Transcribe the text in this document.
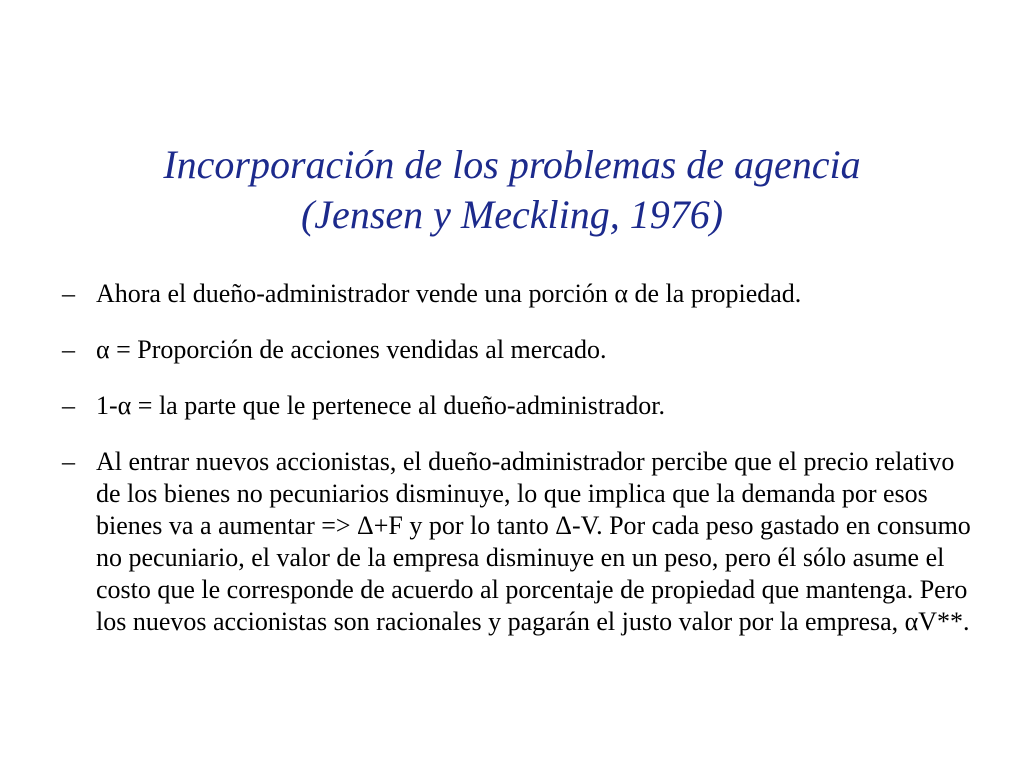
Incorporación de los problemas de agencia
(Jensen y Meckling, 1976)
– Ahora el dueño-administrador vende una porción α de la propiedad.
– α = Proporción de acciones vendidas al mercado.
– 1-α = la parte que le pertenece al dueño-administrador.
– Al entrar nuevos accionistas, el dueño-administrador percibe que el precio relativo de los bienes no pecuniarios disminuye, lo que implica que la demanda por esos bienes va a aumentar => Δ+F y por lo tanto Δ-V. Por cada peso gastado en consumo no pecuniario, el valor de la empresa disminuye en un peso, pero él sólo asume el costo que le corresponde de acuerdo al porcentaje de propiedad que mantenga. Pero los nuevos accionistas son racionales y pagarán el justo valor por la empresa, αV**.
